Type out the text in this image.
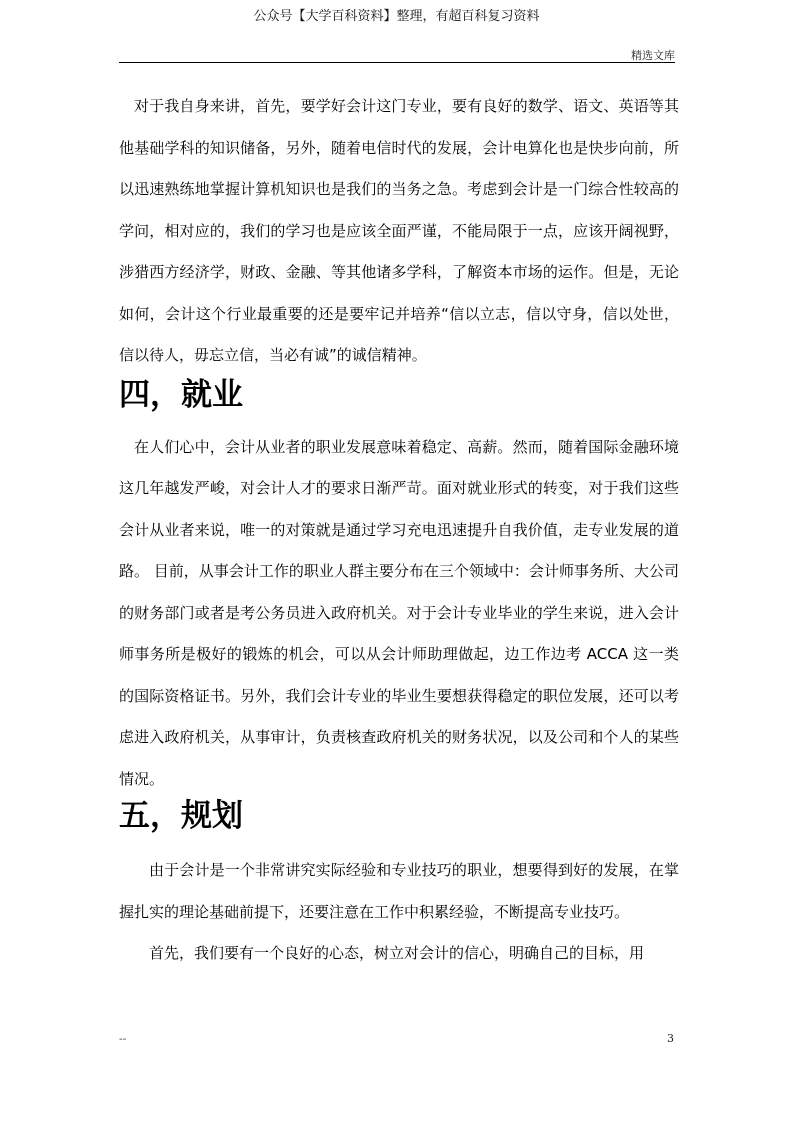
公众号【大学百科资料】整理，有超百科复习资料
精选文库

对于我自身来讲，首先，要学好会计这门专业，要有良好的数学、语文、英语等其他基础学科的知识储备，另外，随着电信时代的发展，会计电算化也是快步向前，所以迅速熟练地掌握计算机知识也是我们的当务之急。考虑到会计是一门综合性较高的学问，相对应的，我们的学习也是应该全面严谨，不能局限于一点，应该开阔视野，涉猎西方经济学，财政、金融、等其他诸多学科，了解资本市场的运作。但是，无论如何，会计这个行业最重要的还是要牢记并培养“信以立志，信以守身，信以处世，信以待人，毋忘立信，当必有诚”的诚信精神。

四，就业

在人们心中，会计从业者的职业发展意味着稳定、高薪。然而，随着国际金融环境这几年越发严峻，对会计人才的要求日渐严苛。面对就业形式的转变，对于我们这些会计从业者来说，唯一的对策就是通过学习充电迅速提升自我价值，走专业发展的道路。 目前，从事会计工作的职业人群主要分布在三个领域中：会计师事务所、大公司的财务部门或者是考公务员进入政府机关。对于会计专业毕业的学生来说，进入会计师事务所是极好的锻炼的机会，可以从会计师助理做起，边工作边考 ACCA 这一类的国际资格证书。另外，我们会计专业的毕业生要想获得稳定的职位发展，还可以考虑进入政府机关，从事审计，负责核查政府机关的财务状况，以及公司和个人的某些情况。

五，规划

由于会计是一个非常讲究实际经验和专业技巧的职业，想要得到好的发展，在掌握扎实的理论基础前提下，还要注意在工作中积累经验，不断提高专业技巧。

首先，我们要有一个良好的心态，树立对会计的信心，明确自己的目标，用

--	3
